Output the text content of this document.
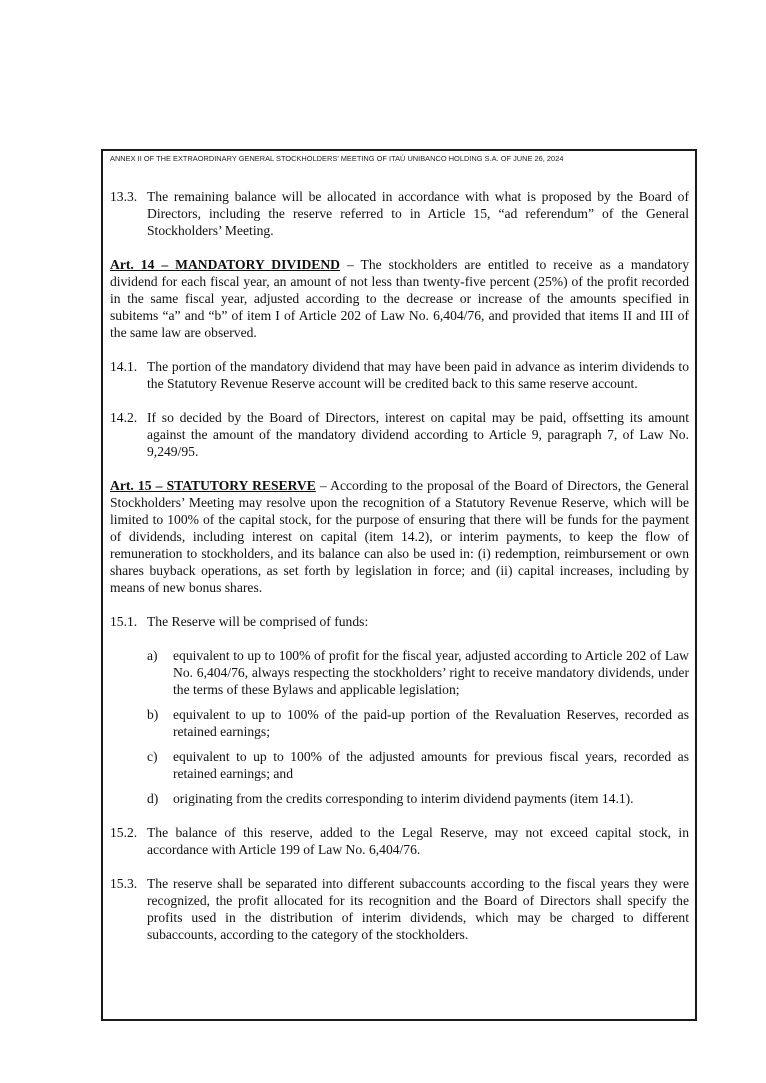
ANNEX II OF THE EXTRAORDINARY GENERAL STOCKHOLDERS’ MEETING OF ITAÚ UNIBANCO HOLDING S.A. OF JUNE 26, 2024
13.3. The remaining balance will be allocated in accordance with what is proposed by the Board of Directors, including the reserve referred to in Article 15, “ad referendum” of the General Stockholders’ Meeting.

Art. 14 – MANDATORY DIVIDEND – The stockholders are entitled to receive as a mandatory dividend for each fiscal year, an amount of not less than twenty-five percent (25%) of the profit recorded in the same fiscal year, adjusted according to the decrease or increase of the amounts specified in subitems “a” and “b” of item I of Article 202 of Law No. 6,404/76, and provided that items II and III of the same law are observed.

14.1. The portion of the mandatory dividend that may have been paid in advance as interim dividends to the Statutory Revenue Reserve account will be credited back to this same reserve account.
14.2. If so decided by the Board of Directors, interest on capital may be paid, offsetting its amount against the amount of the mandatory dividend according to Article 9, paragraph 7, of Law No. 9,249/95.

Art. 15 – STATUTORY RESERVE – According to the proposal of the Board of Directors, the General Stockholders’ Meeting may resolve upon the recognition of a Statutory Revenue Reserve, which will be limited to 100% of the capital stock, for the purpose of ensuring that there will be funds for the payment of dividends, including interest on capital (item 14.2), or interim payments, to keep the flow of remuneration to stockholders, and its balance can also be used in: (i) redemption, reimbursement or own shares buyback operations, as set forth by legislation in force; and (ii) capital increases, including by means of new bonus shares.

15.1. The Reserve will be comprised of funds:
a)	equivalent to up to 100% of profit for the fiscal year, adjusted according to Article 202 of Law No. 6,404/76, always respecting the stockholders’ right to receive mandatory dividends, under the terms of these Bylaws and applicable legislation;
b)	equivalent to up to 100% of the paid-up portion of the Revaluation Reserves, recorded as retained earnings;
c)	equivalent to up to 100% of the adjusted amounts for previous fiscal years, recorded as retained earnings; and
d)	originating from the credits corresponding to interim dividend payments (item 14.1).
15.2. The balance of this reserve, added to the Legal Reserve, may not exceed capital stock, in accordance with Article 199 of Law No. 6,404/76.
15.3. The reserve shall be separated into different subaccounts according to the fiscal years they were recognized, the profit allocated for its recognition and the Board of Directors shall specify the profits used in the distribution of interim dividends, which may be charged to different subaccounts, according to the category of the stockholders.
